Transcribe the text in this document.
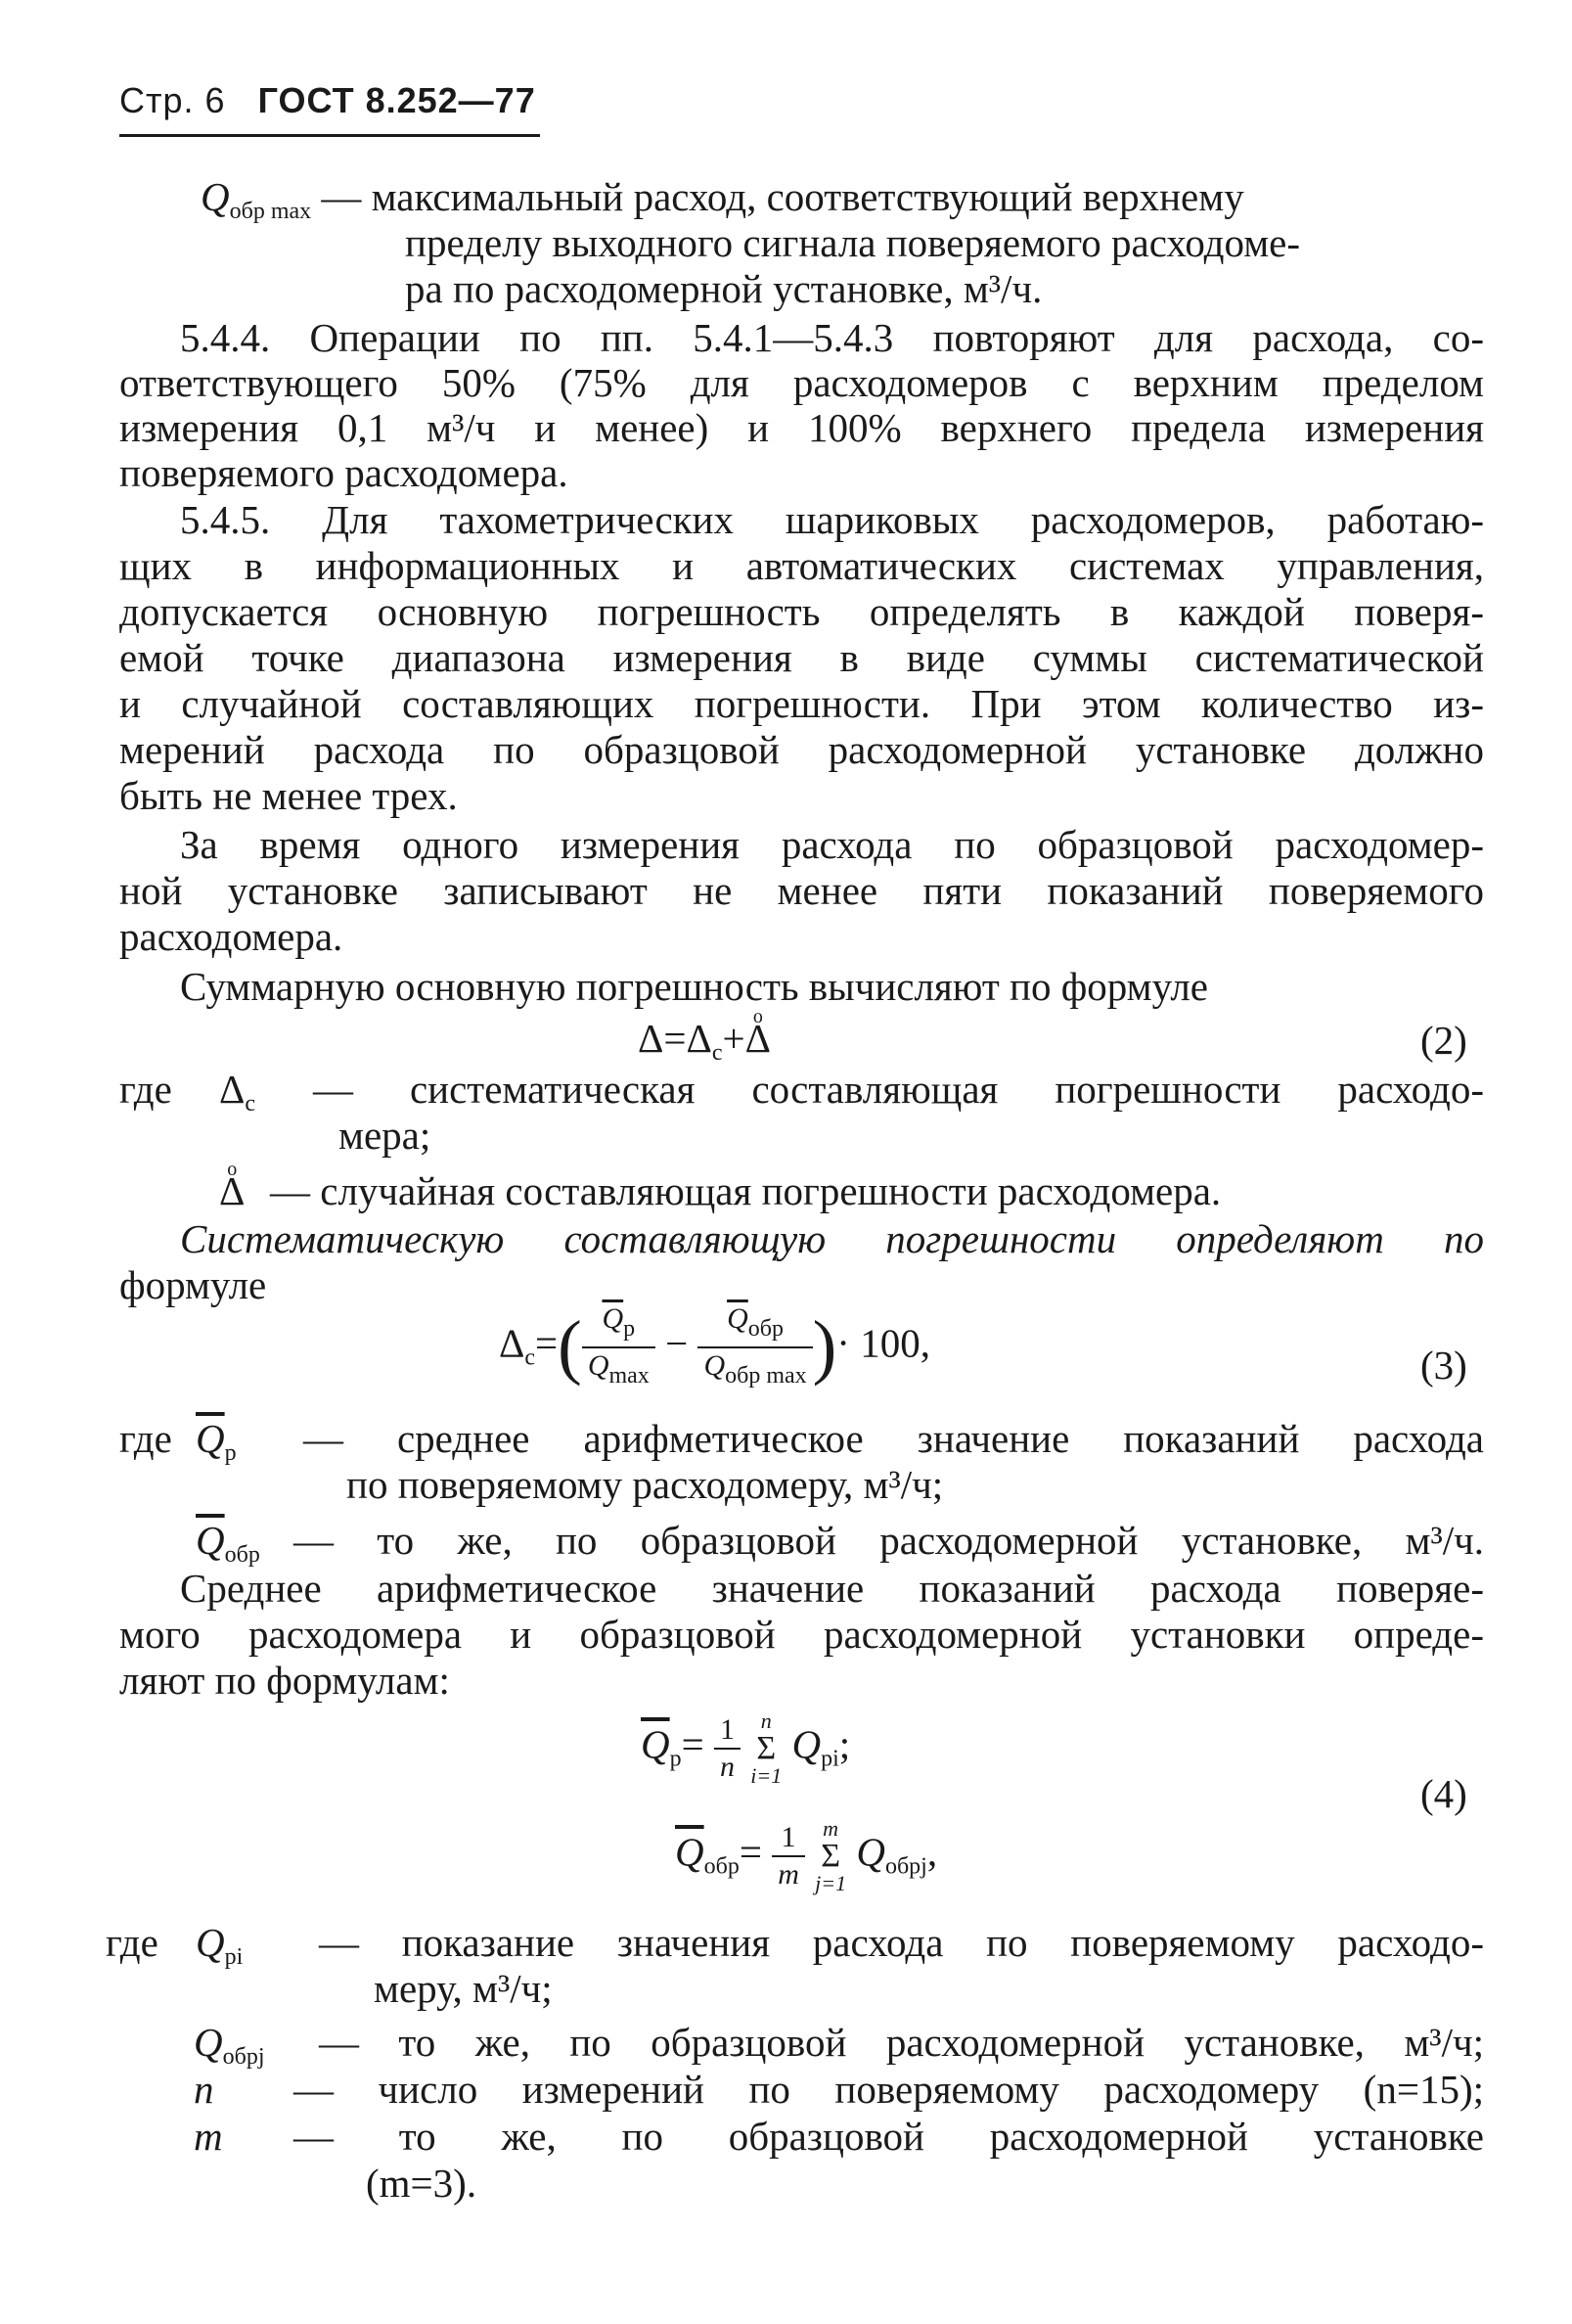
Стр. 6 ГОСТ 8.252—77
$Q_{обр max}$ — максимальный расход, соответствующий верхнему
пределу выходного сигнала поверяемого расходоме-
ра по расходомерной установке, м³/ч.
5.4.4. Операции по пп. 5.4.1—5.4.3 повторяют для расхода, со-
ответствующего 50% (75% для расходомеров с верхним пределом
измерения 0,1 м³/ч и менее) и 100% верхнего предела измерения
поверяемого расходомера.
5.4.5. Для тахометрических шариковых расходомеров, работаю-
щих в информационных и автоматических системах управления,
допускается основную погрешность определять в каждой поверя-
емой точке диапазона измерения в виде суммы систематической
и случайной составляющих погрешности. При этом количество из-
мерений расхода по образцовой расходомерной установке должно
быть не менее трех.
За время одного измерения расхода по образцовой расходомер-
ной установке записывают не менее пяти показаний поверяемого
расходомера.
Суммарную основную погрешность вычисляют по формуле
$\Delta=\Delta_c+o$ Δ	(2)
где $\Delta_c$ — систематическая составляющая погрешности расходо-
мера;
o Δ — случайная составляющая погрешности расходомера.
Систематическую составляющую погрешности определяют по
формуле
$\Delta_c=( \frac{\overline{Q}_p}{Q_{max}} - \frac{\overline{Q}_{обр}}{Q_{обр max}}$ )· 100,	(3)
где $\overline{Q}_р$ — среднее арифметическое значение показаний расхода
по поверяемому расходомеру, м³/ч;
$\overline{Q}_{обр}$ — то же, по образцовой расходомерной установке, м³/ч.
Среднее арифметическое значение показаний расхода поверяе-
мого расходомера и образцовой расходомерной установки опреде-
ляют по формулам:
$\overline{Q}_р= \frac{1}{n}$ n
Σ
i=1 $Q_{рi}$;
$\overline{Q}_{обр}= \frac{1}{m}$ m
Σ
j=1 $Q_{обрj}$,
(4)
где $Q_{рi}$ — показание значения расхода по поверяемому расходо-
меру, м³/ч;
$Q_{обрj}$ — то же, по образцовой расходомерной установке, м³/ч;
n — число измерений по поверяемому расходомеру (n=15);
m — то же, по образцовой расходомерной установке
(m=3).
